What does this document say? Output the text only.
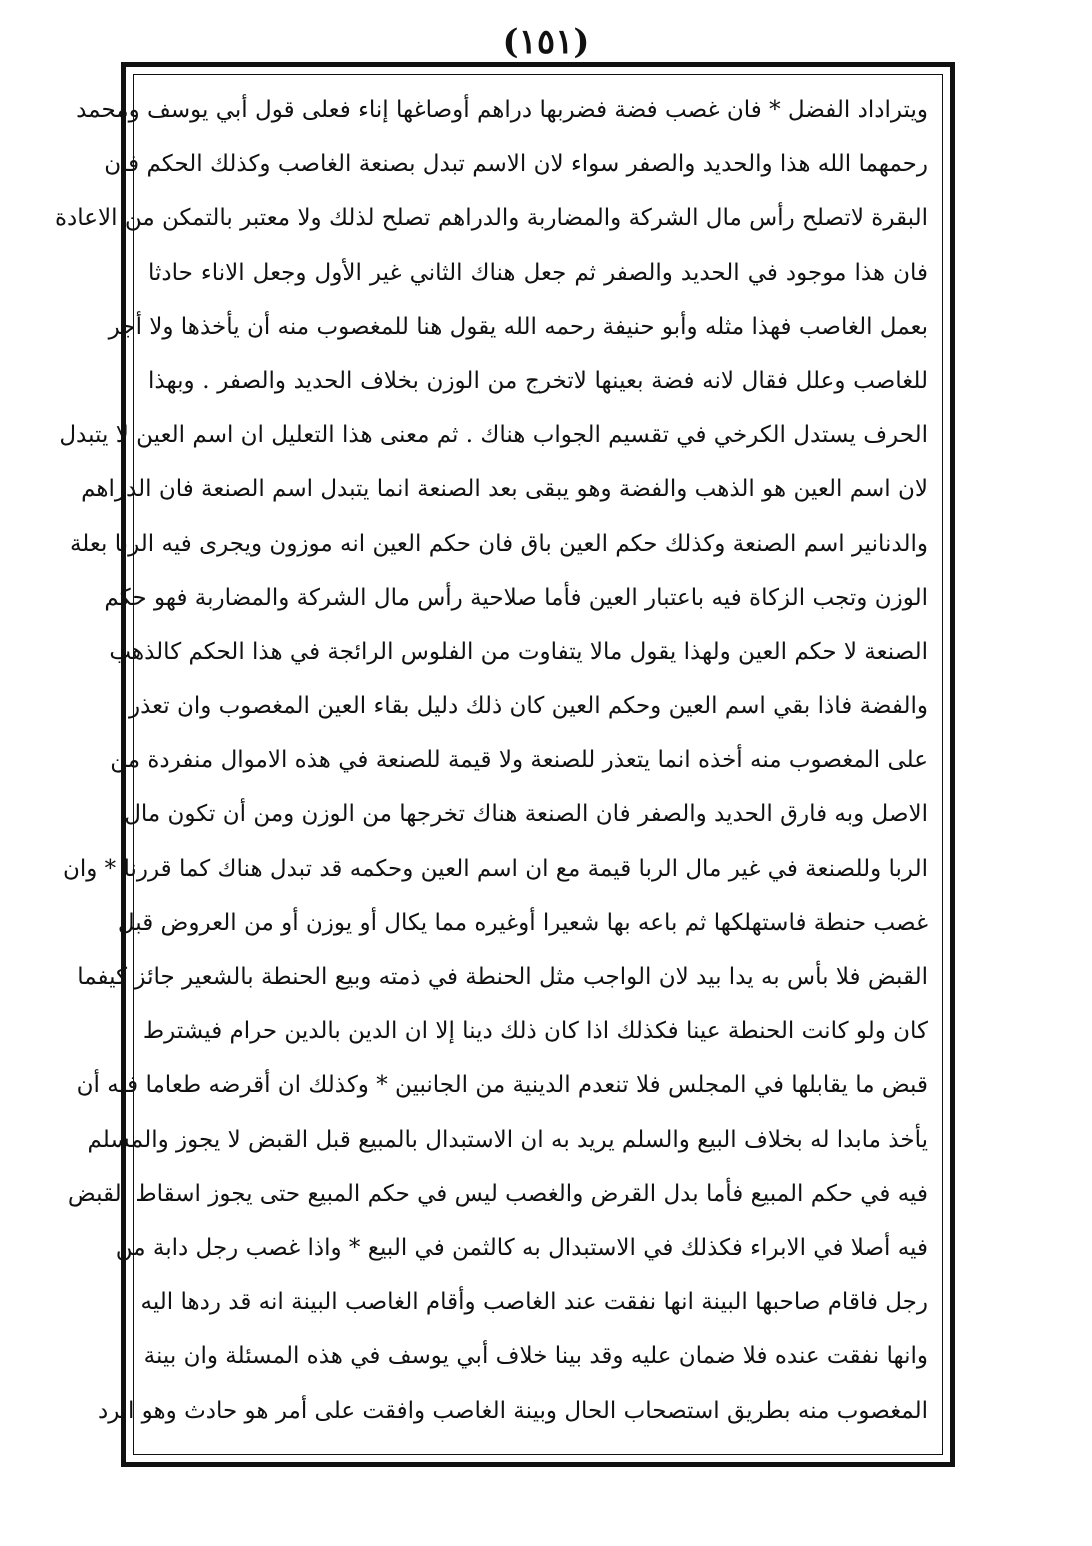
(١٥١)
ويتراداد الفضل * فان غصب فضة فضربها دراهم أوصاغها إناء فعلى قول أبي يوسف ومحمد
رحمهما الله هذا والحديد والصفر سواء لان الاسم تبدل بصنعة الغاصب وكذلك الحكم فان
البقرة لاتصلح رأس مال الشركة والمضاربة والدراهم تصلح لذلك ولا معتبر بالتمكن من الاعادة
فان هذا موجود في الحديد والصفر ثم جعل هناك الثاني غير الأول وجعل الاناء حادثا
بعمل الغاصب فهذا مثله وأبو حنيفة رحمه الله يقول هنا للمغصوب منه أن يأخذها ولا أجر
للغاصب وعلل فقال لانه فضة بعينها لاتخرج من الوزن بخلاف الحديد والصفر . وبهذا
الحرف يستدل الكرخي في تقسيم الجواب هناك . ثم معنى هذا التعليل ان اسم العين لا يتبدل
لان اسم العين هو الذهب والفضة وهو يبقى بعد الصنعة انما يتبدل اسم الصنعة فان الدراهم
والدنانير اسم الصنعة وكذلك حكم العين باق فان حكم العين انه موزون ويجرى فيه الربا بعلة
الوزن وتجب الزكاة فيه باعتبار العين فأما صلاحية رأس مال الشركة والمضاربة فهو حكم
الصنعة لا حكم العين ولهذا يقول مالا يتفاوت من الفلوس الرائجة في هذا الحكم كالذهب
والفضة فاذا بقي اسم العين وحكم العين كان ذلك دليل بقاء العين المغصوب وان تعذر
على المغصوب منه أخذه انما يتعذر للصنعة ولا قيمة للصنعة في هذه الاموال منفردة من
الاصل وبه فارق الحديد والصفر فان الصنعة هناك تخرجها من الوزن ومن أن تكون مال
الربا وللصنعة في غير مال الربا قيمة مع ان اسم العين وحكمه قد تبدل هناك كما قررنا * وان
غصب حنطة فاستهلكها ثم باعه بها شعيرا أوغيره مما يكال أو يوزن أو من العروض قبل
القبض فلا بأس به يدا بيد لان الواجب مثل الحنطة في ذمته وبيع الحنطة بالشعير جائز كيفما
كان ولو كانت الحنطة عينا فكذلك اذا كان ذلك دينا إلا ان الدين بالدين حرام فيشترط
قبض ما يقابلها في المجلس فلا تنعدم الدينية من الجانبين * وكذلك ان أقرضه طعاما فله أن
يأخذ مابدا له بخلاف البيع والسلم يريد به ان الاستبدال بالمبيع قبل القبض لا يجوز والمسلم
فيه في حكم المبيع فأما بدل القرض والغصب ليس في حكم المبيع حتى يجوز اسقاط القبض
فيه أصلا في الابراء فكذلك في الاستبدال به كالثمن في البيع * واذا غصب رجل دابة من
رجل فاقام صاحبها البينة انها نفقت عند الغاصب وأقام الغاصب البينة انه قد ردها اليه
وانها نفقت عنده فلا ضمان عليه وقد بينا خلاف أبي يوسف في هذه المسئلة وان بينة
المغصوب منه بطريق استصحاب الحال وبينة الغاصب وافقت على أمر هو حادث وهو الرد
